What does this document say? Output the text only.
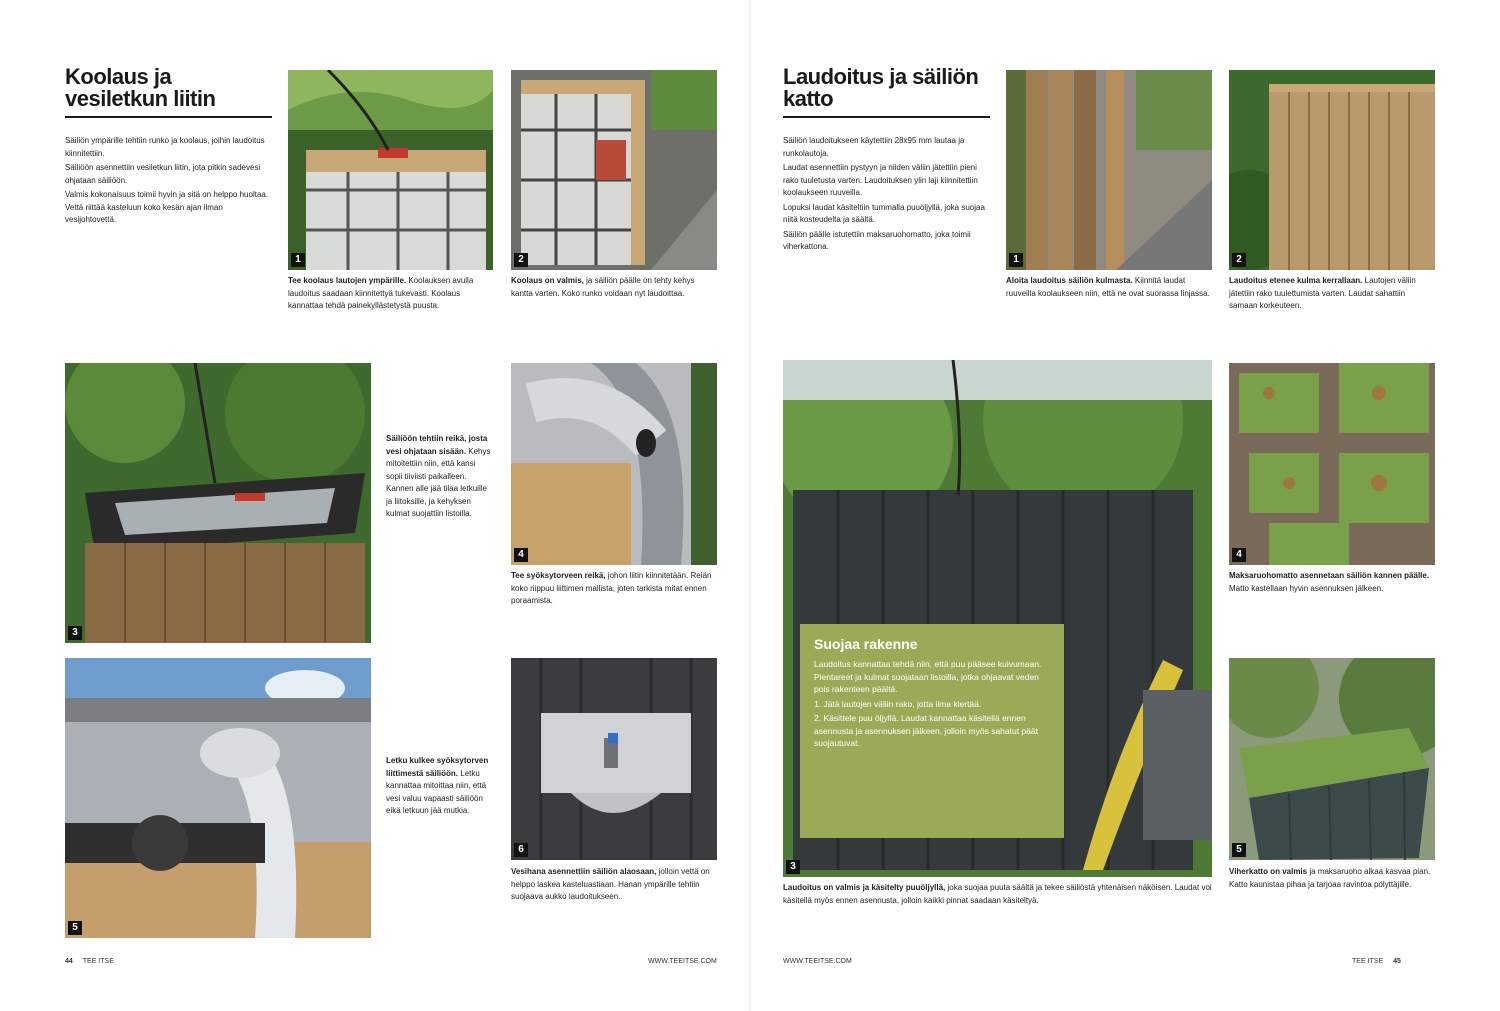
Koolaus ja vesiletkun liitin

Säiliön ympärille tehtiin runko ja koolaus, joihin laudoitus kiinnitettiin.

Säiliöön asennettiin vesiletkun liitin, jota pitkin sadevesi ohjataan säiliöön.

Valmis kokonaisuus toimii hyvin ja sitä on helppo huoltaa. Vettä riittää kasteluun koko kesän ajan ilman vesijohtovettä.

1
Tee koolaus lautojen ympärille. Koolauksen avulla laudoitus saadaan kiinnitettyä tukevasti. Koolaus kannattaa tehdä painekyllästetystä puusta.
2
Koolaus on valmis, ja säiliön päälle on tehty kehys kantta varten. Koko runko voidaan nyt laudoittaa.
3
Säiliöön tehtiin reikä, josta vesi ohjataan sisään. Kehys mitoitettiin niin, että kansi sopii tiiviisti paikalleen. Kannen alle jää tilaa letkuille ja liitoksille, ja kehyksen kulmat suojattiin listoilla.
4
Tee syöksytorveen reikä, johon liitin kiinnitetään. Reiän koko riippuu liittimen mallista, joten tarkista mitat ennen poraamista.
5
Letku kulkee syöksytorven liittimestä säiliöön. Letku kannattaa mitoittaa niin, että vesi valuu vapaasti säiliöön eikä letkuun jää mutkia.
6
Vesihana asennettiin säiliön alaosaan, jolloin vettä on helppo laskea kasteluastiaan. Hanan ympärille tehtiin suojaava aukko laudoitukseen.
44 TEE ITSE	WWW.TEEITSE.COM
Laudoitus ja säiliön katto

Säiliön laudoitukseen käytettiin 28x95 mm lautaa ja runkolautoja.

Laudat asennettiin pystyyn ja niiden väliin jätettiin pieni rako tuuletusta varten. Laudoituksen ylin laji kiinnitettiin koolaukseen ruuveilla.

Lopuksi laudat käsiteltiin tummalla puuöljyllä, joka suojaa niitä kosteudelta ja säältä.

Säiliön päälle istutettiin maksaruohomatto, joka toimii viherkattona.

1
Aloita laudoitus säiliön kulmasta. Kiinnitä laudat ruuveilla koolaukseen niin, että ne ovat suorassa linjassa.
2
Laudoitus etenee kulma kerrallaan. Lautojen väliin jätettiin rako tuulettumista varten. Laudat sahattiin samaan korkeuteen.
3
Laudoitus on valmis ja käsitelty puuöljyllä, joka suojaa puuta säältä ja tekee säiliöstä yhtenäisen näköisen. Laudat voi käsitellä myös ennen asennusta, jolloin kaikki pinnat saadaan käsiteltyä.
Suojaa rakenne

Laudoitus kannattaa tehdä niin, että puu pääsee kuivumaan. Pientareet ja kulmat suojataan listoilla, jotka ohjaavat veden pois rakenteen päältä.

1. Jätä lautojen väliin rako, jotta ilma kiertää.

2. Käsittele puu öljyllä. Laudat kannattaa käsitellä ennen asennusta ja asennuksen jälkeen, jolloin myös sahatut päät suojautuvat.

4
Maksaruohomatto asennetaan säiliön kannen päälle. Matto kastellaan hyvin asennuksen jälkeen.
5
Viherkatto on valmis ja maksaruoho alkaa kasvaa pian. Katto kaunistaa pihaa ja tarjoaa ravintoa pölyttäjille.
WWW.TEEITSE.COM	TEE ITSE 45
